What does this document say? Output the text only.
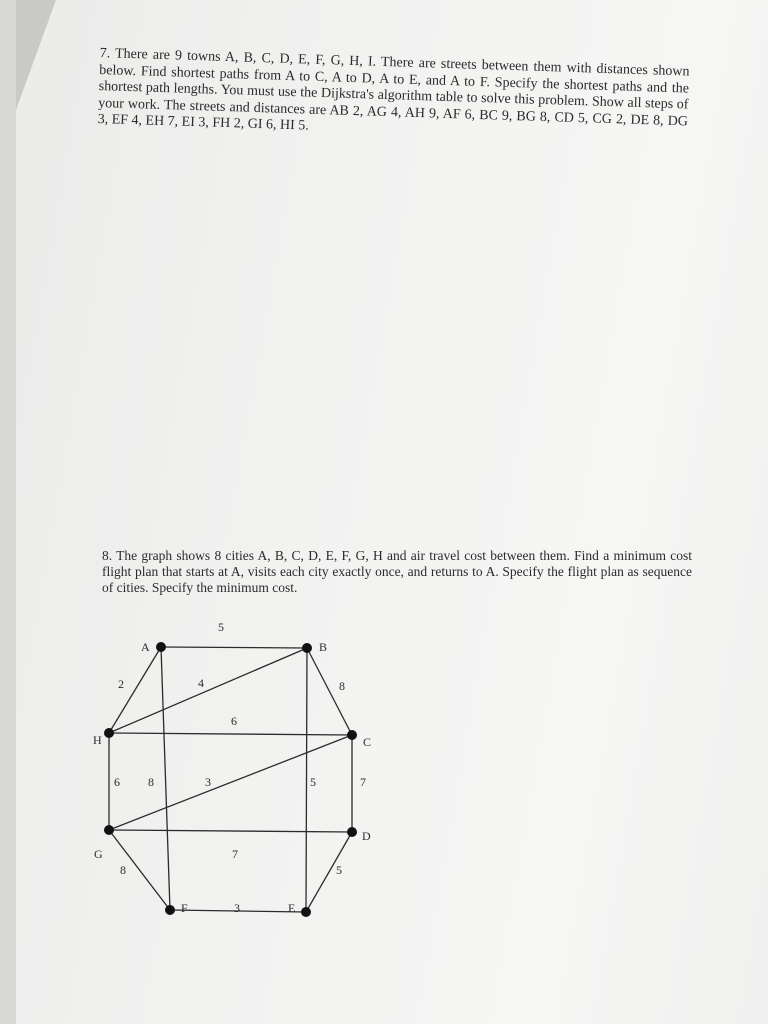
7. There are 9 towns A, B, C, D, E, F, G, H, I. There are streets between them with distances shown below. Find shortest paths from A to C, A to D, A to E, and A to F. Specify the shortest paths and the shortest path lengths. You must use the Dijkstra's algorithm table to solve this problem. Show all steps of your work. The streets and distances are AB 2, AG 4, AH 9, AF 6, BC 9, BG 8, CD 5, CG 2, DE 8, DG 3, EF 4, EH 7, EI 3, FH 2, GI 6, HI 5.

8. The graph shows 8 cities A, B, C, D, E, F, G, H and air travel cost between them. Find a minimum cost flight plan that starts at A, visits each city exactly once, and returns to A. Specify the flight plan as sequence of cities. Specify the minimum cost.

A	B
H	C
G
D
F	E
5
2	4	8
6
6 8	3	5	7
7
8	5
3
